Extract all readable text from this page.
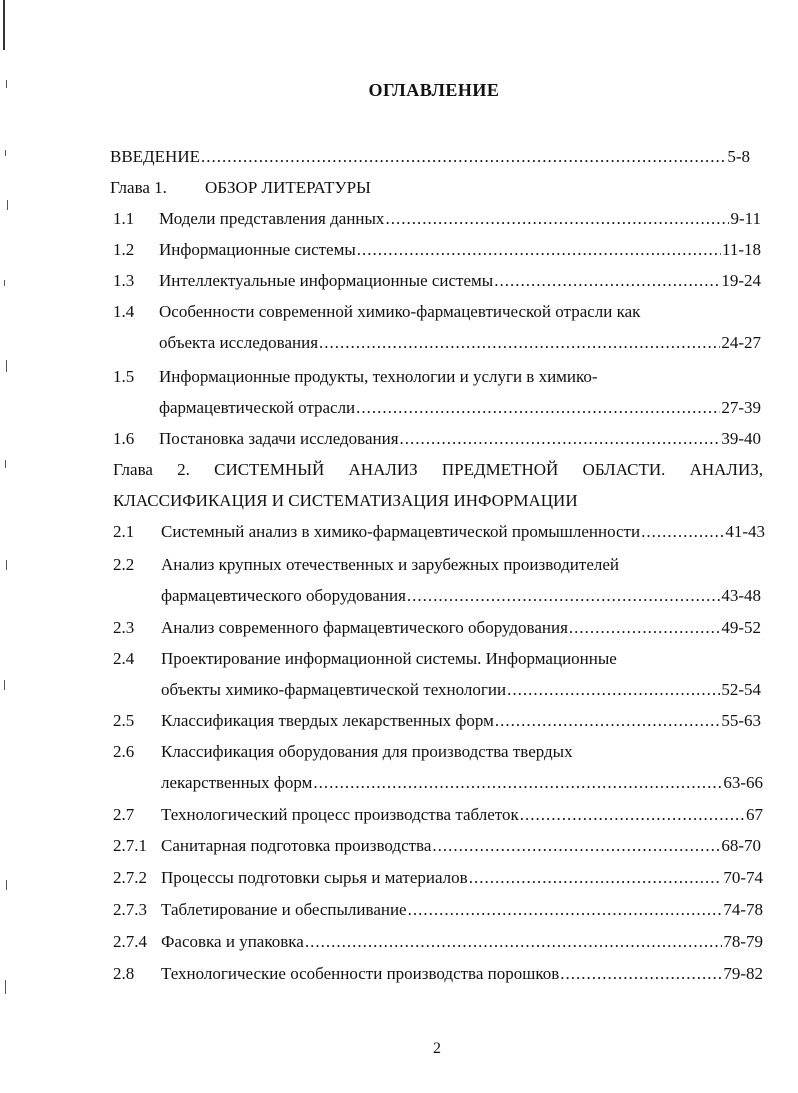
ОГЛАВЛЕНИЕ
ВВЕДЕНИЕ .....	5-8
Глава 1. ОБЗОР ЛИТЕРАТУРЫ
1.1 Модели представления данных .....	9-11
1.2 Информационные системы .....	11-18
1.3 Интеллектуальные информационные системы .....	19-24
1.4 Особенности современной химико-фармацевтической отрасли как
объекта исследования .....	24-27
1.5 Информационные продукты, технологии и услуги в химико-
фармацевтической отрасли .....	27-39
1.6 Постановка задачи исследования .....	39-40
Глава 2. СИСТЕМНЫЙ АНАЛИЗ ПРЕДМЕТНОЙ ОБЛАСТИ. АНАЛИЗ,
КЛАССИФИКАЦИЯ И СИСТЕМАТИЗАЦИЯ ИНФОРМАЦИИ
2.1 Системный анализ в химико-фармацевтической промышленности .....	41-43
2.2 Анализ крупных отечественных и зарубежных производителей
фармацевтического оборудования .....	43-48
2.3 Анализ современного фармацевтического оборудования .....	49-52
2.4 Проектирование информационной системы. Информационные
объекты химико-фармацевтической технологии .....	52-54
2.5 Классификация твердых лекарственных форм .....	55-63
2.6 Классификация оборудования для производства твердых
лекарственных форм .....	63-66
2.7 Технологический процесс производства таблеток .....	67
2.7.1 Санитарная подготовка производства .....	68-70
2.7.2 Процессы подготовки сырья и материалов .....	70-74
2.7.3 Таблетирование и обеспыливание .....	74-78
2.7.4 Фасовка и упаковка .....	78-79
2.8 Технологические особенности производства порошков .....	79-82
2
